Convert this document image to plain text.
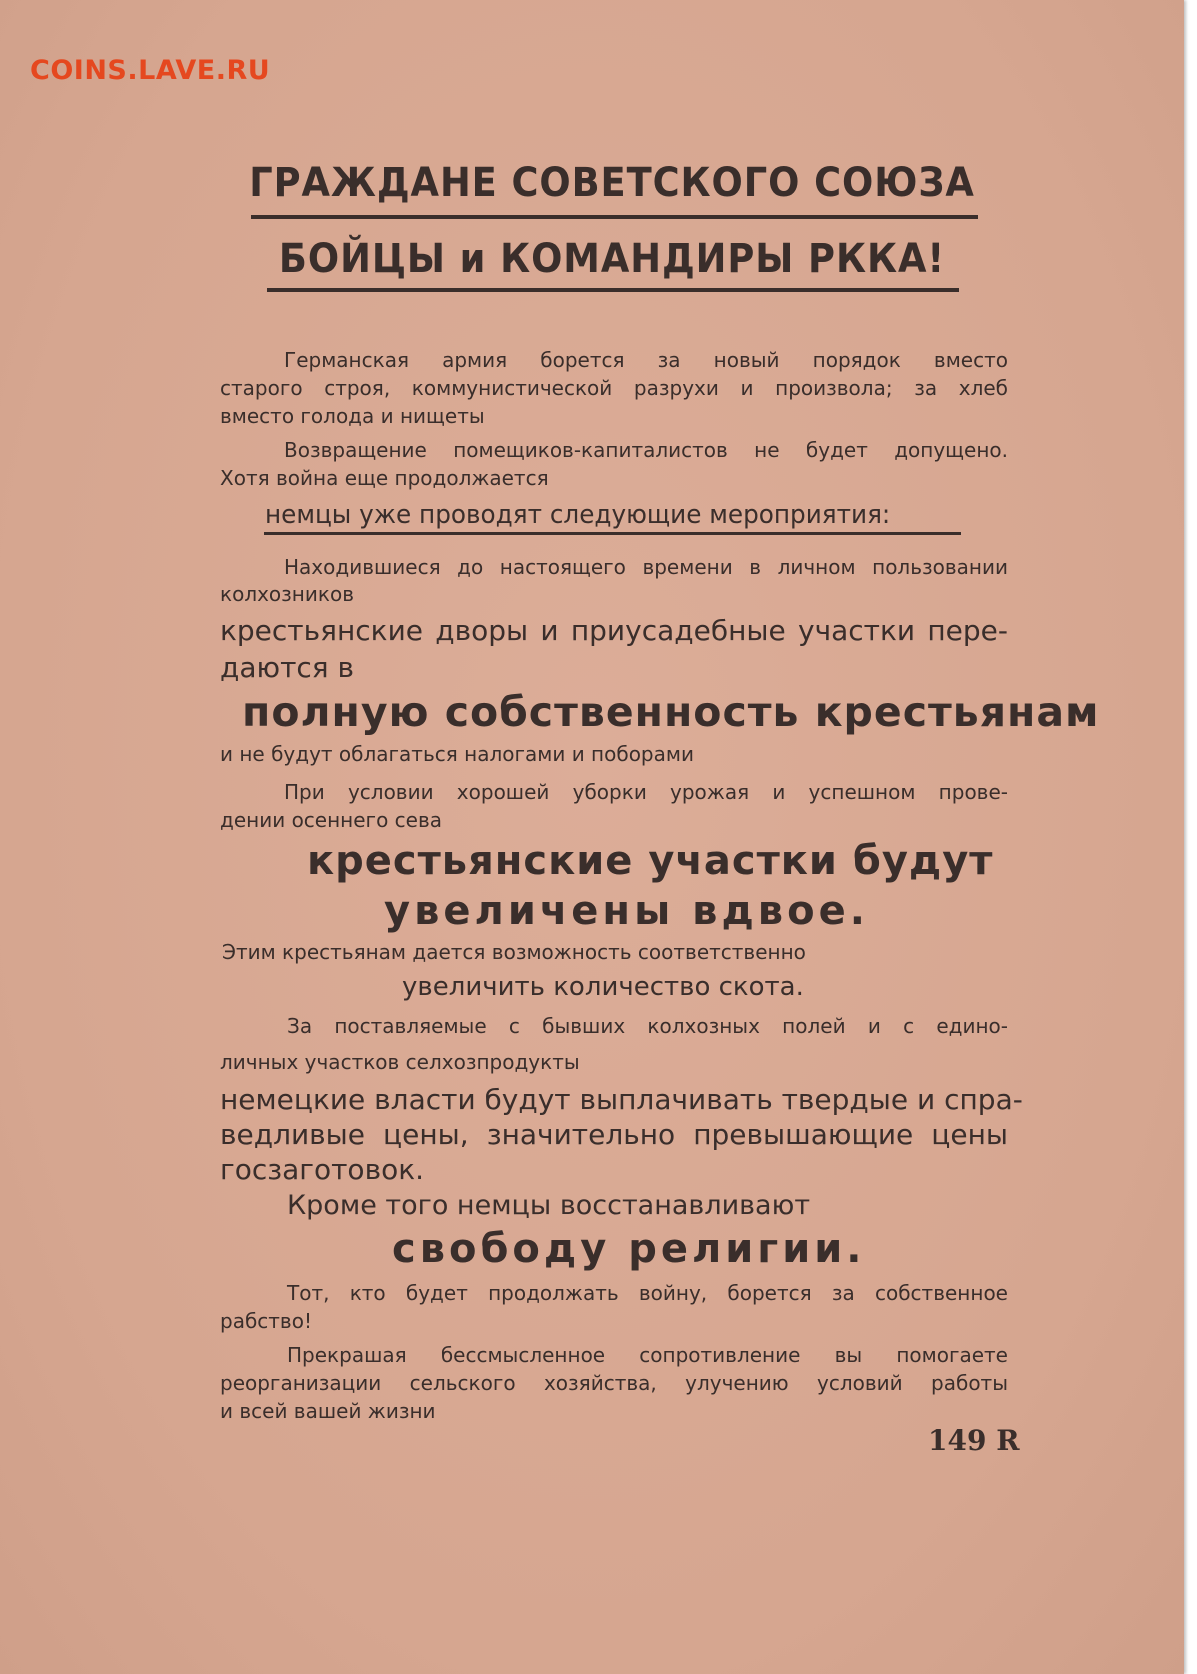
COINS.LAVE.RU
ГРАЖДАНЕ СОВЕТСКОГО СОЮЗА
БОЙЦЫ и КОМАНДИРЫ РККА!
Германская армия борется за новый порядок вместо
старого строя, коммунистической разрухи и произвола; за хлеб
вместо голода и нищеты
Возвращение помещиков-капиталистов не будет допущено.
Хотя война еще продолжается
немцы уже проводят следующие мероприятия:
Находившиеся до настоящего времени в личном пользовании
колхозников
крестьянские дворы и приусадебные участки пере-
даются в
полную собственность крестьянам
и не будут облагаться налогами и поборами
При условии хорошей уборки урожая и успешном прове-
дении осеннего сева
крестьянские участки будут
увеличены вдвое.
Этим крестьянам дается возможность соответственно
увеличить количество скота.
За поставляемые с бывших колхозных полей и с едино-
личных участков селхозпродукты
немецкие власти будут выплачивать твердые и спра-
ведливые цены, значительно превышающие цены
госзаготовок.
Кроме того немцы восстанавливают
свободу религии.
Тот, кто будет продолжать войну, борется за собственное
рабство!
Прекрашая бессмысленное сопротивление вы помогаете
реорганизации сельского хозяйства, улучению условий работы
и всей вашей жизни
149 R
